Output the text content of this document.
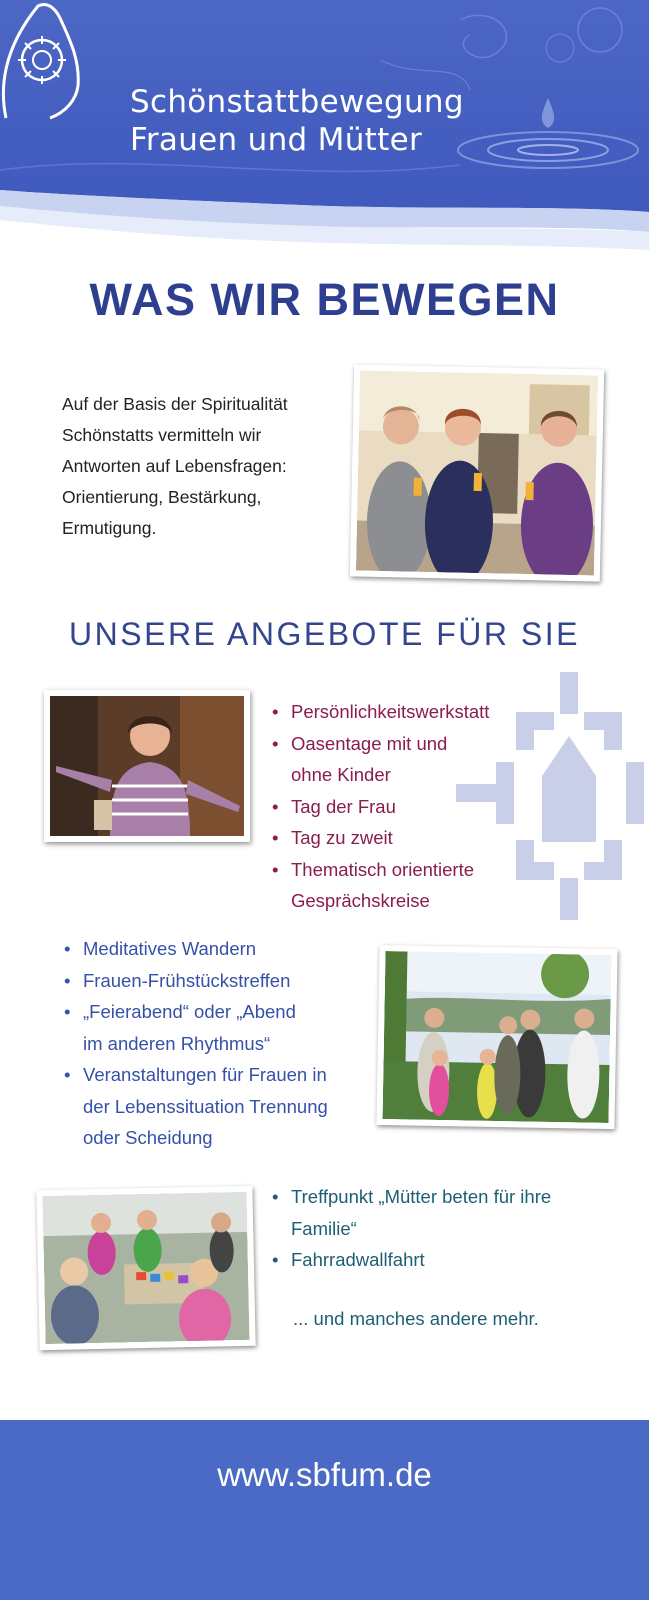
Schönstattbewegung
Frauen und Mütter
WAS WIR BEWEGEN
Auf der Basis der Spiritualität
Schönstatts vermitteln wir
Antworten auf Lebensfragen:
Orientierung, Bestärkung,
Ermutigung.
UNSERE ANGEBOTE FÜR SIE
• Persönlichkeitswerkstatt
• Oasentage mit und
ohne Kinder
• Tag der Frau
• Tag zu zweit
• Thematisch orientierte
Gesprächskreise
• Meditatives Wandern
• Frauen-Frühstückstreffen
• „Feierabend“ oder „Abend
im anderen Rhythmus“
• Veranstaltungen für Frauen in
der Lebenssituation Trennung
oder Scheidung
• Treffpunkt „Mütter beten für ihre
Familie“
• Fahrradwallfahrt
... und manches andere mehr.
www.sbfum.de
